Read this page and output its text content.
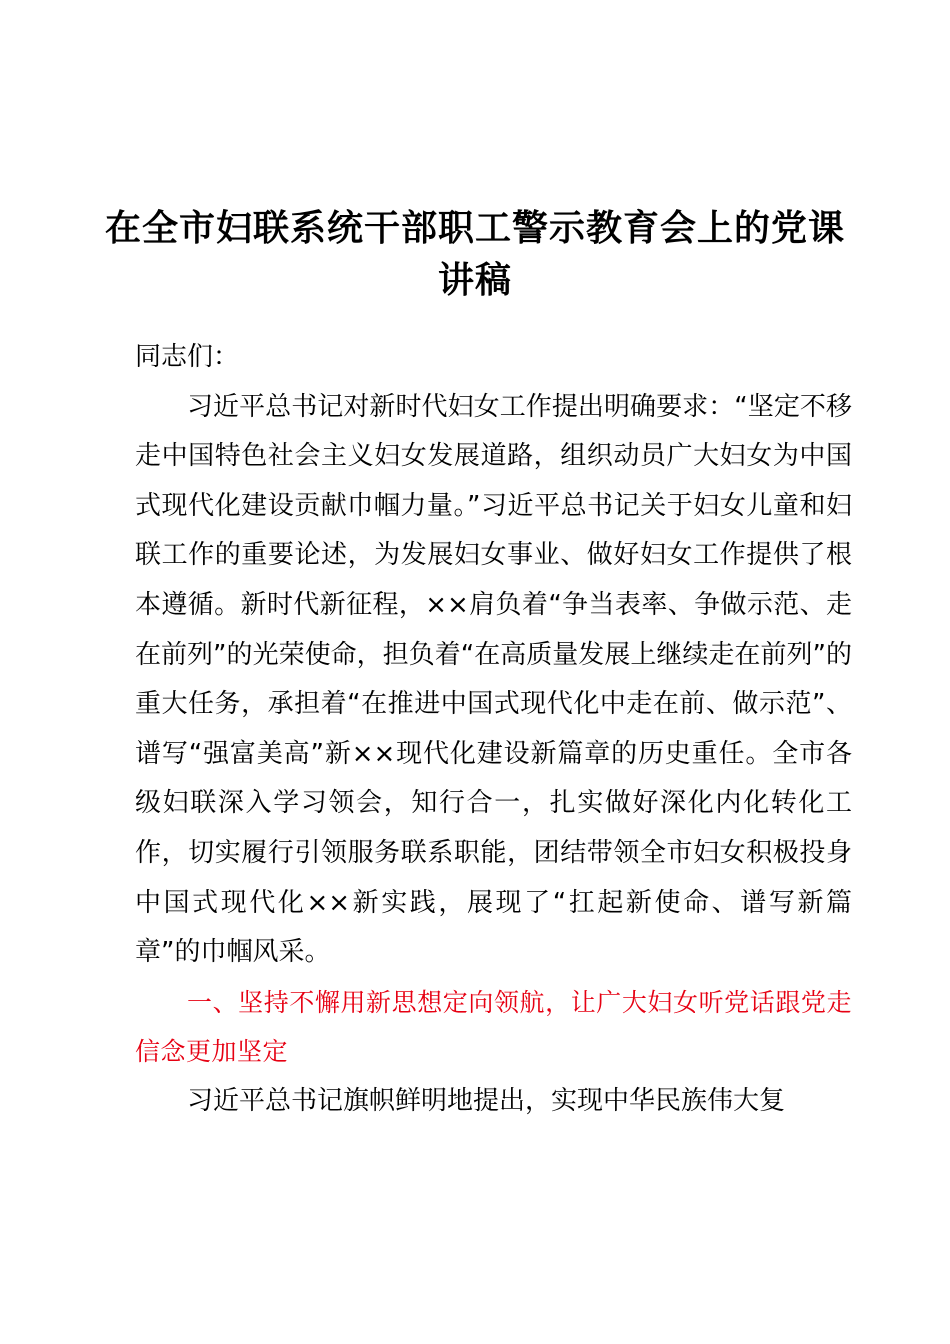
在全市妇联系统干部职工警示教育会上的党课讲稿

同志们：

习近平总书记对新时代妇女工作提出明确要求：“坚定不移走中国特色社会主义妇女发展道路，组织动员广大妇女为中国式现代化建设贡献巾帼力量。”习近平总书记关于妇女儿童和妇联工作的重要论述，为发展妇女事业、做好妇女工作提供了根本遵循。新时代新征程，××肩负着“争当表率、争做示范、走在前列”的光荣使命，担负着“在高质量发展上继续走在前列”的重大任务，承担着“在推进中国式现代化中走在前、做示范”、谱写“强富美高”新××现代化建设新篇章的历史重任。全市各级妇联深入学习领会，知行合一，扎实做好深化内化转化工作，切实履行引领服务联系职能，团结带领全市妇女积极投身中国式现代化××新实践，展现了“扛起新使命、谱写新篇章”的巾帼风采。

一、坚持不懈用新思想定向领航，让广大妇女听党话跟党走信念更加坚定

习近平总书记旗帜鲜明地提出，实现中华民族伟大复
